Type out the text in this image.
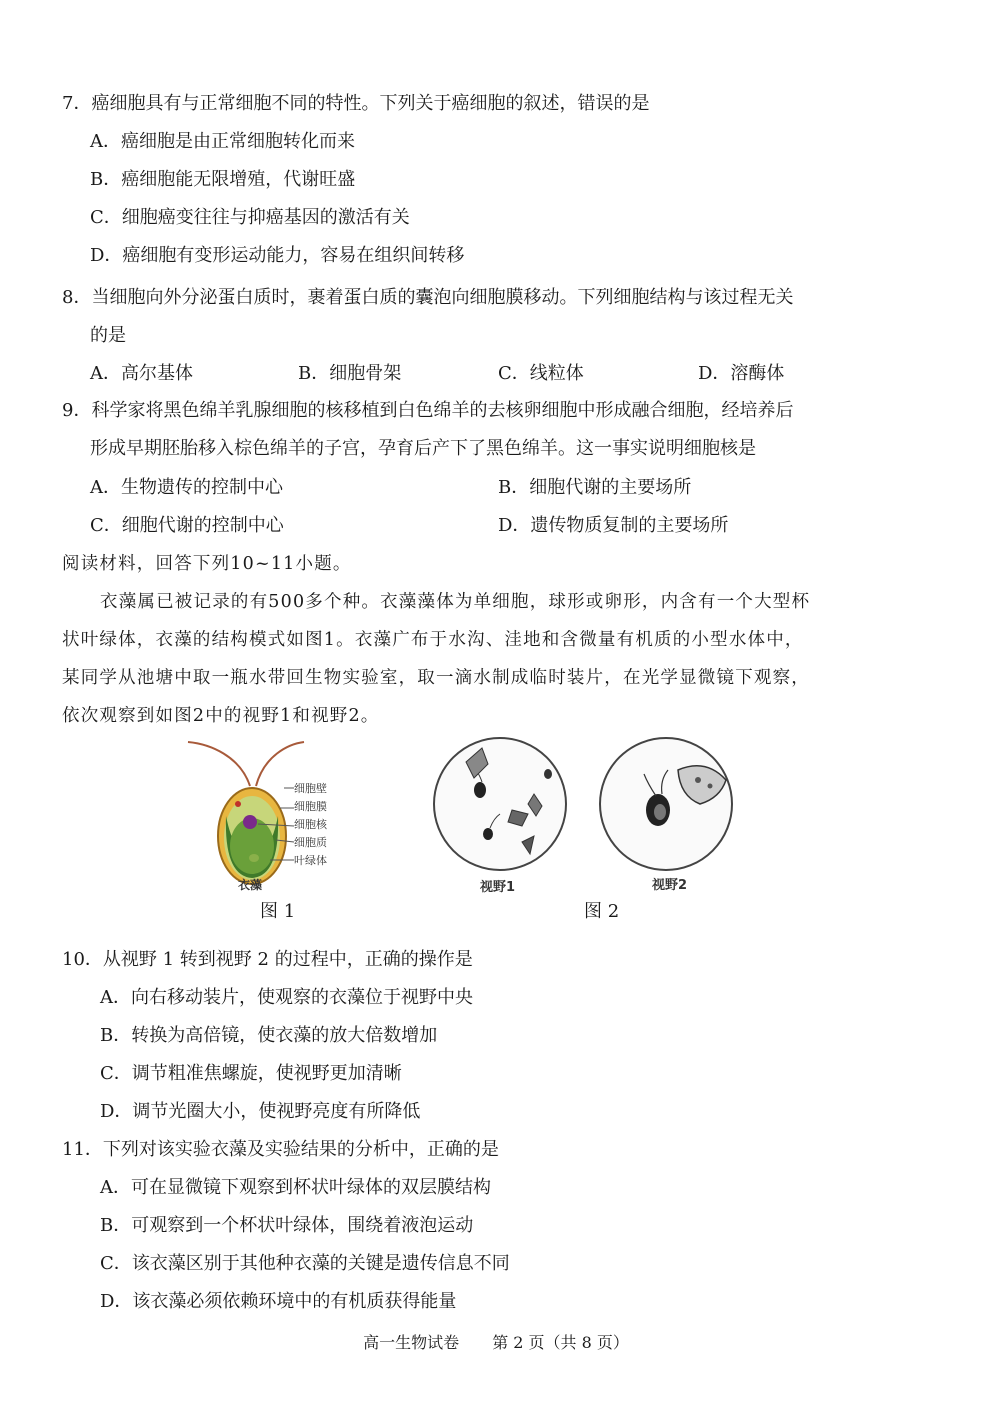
7．癌细胞具有与正常细胞不同的特性。下列关于癌细胞的叙述，错误的是
A．癌细胞是由正常细胞转化而来
B．癌细胞能无限增殖，代谢旺盛
C．细胞癌变往往与抑癌基因的激活有关
D．癌细胞有变形运动能力，容易在组织间转移
8．当细胞向外分泌蛋白质时，裹着蛋白质的囊泡向细胞膜移动。下列细胞结构与该过程无关
的是
A．高尔基体	B．细胞骨架	C．线粒体	D．溶酶体
9．科学家将黑色绵羊乳腺细胞的核移植到白色绵羊的去核卵细胞中形成融合细胞，经培养后
形成早期胚胎移入棕色绵羊的子宫，孕育后产下了黑色绵羊。这一事实说明细胞核是
A．生物遗传的控制中心	B．细胞代谢的主要场所
C．细胞代谢的控制中心	D．遗传物质复制的主要场所
阅读材料，回答下列10~11小题。
衣藻属已被记录的有500多个种。衣藻藻体为单细胞，球形或卵形，内含有一个大型杯
状叶绿体，衣藻的结构模式如图1。衣藻广布于水沟、洼地和含微量有机质的小型水体中，
某同学从池塘中取一瓶水带回生物实验室，取一滴水制成临时装片，在光学显微镜下观察，
依次观察到如图2中的视野1和视野2。
细胞壁
细胞膜
细胞核
细胞质
叶绿体
衣藻
图 1
视野1	视野2
图 2
10．从视野 1 转到视野 2 的过程中，正确的操作是
A．向右移动装片，使观察的衣藻位于视野中央
B．转换为高倍镜，使衣藻的放大倍数增加
C．调节粗准焦螺旋，使视野更加清晰
D．调节光圈大小，使视野亮度有所降低
11．下列对该实验衣藻及实验结果的分析中，正确的是
A．可在显微镜下观察到杯状叶绿体的双层膜结构
B．可观察到一个杯状叶绿体，围绕着液泡运动
C．该衣藻区别于其他种衣藻的关键是遗传信息不同
D．该衣藻必须依赖环境中的有机质获得能量
高一生物试卷 第 2 页（共 8 页）
